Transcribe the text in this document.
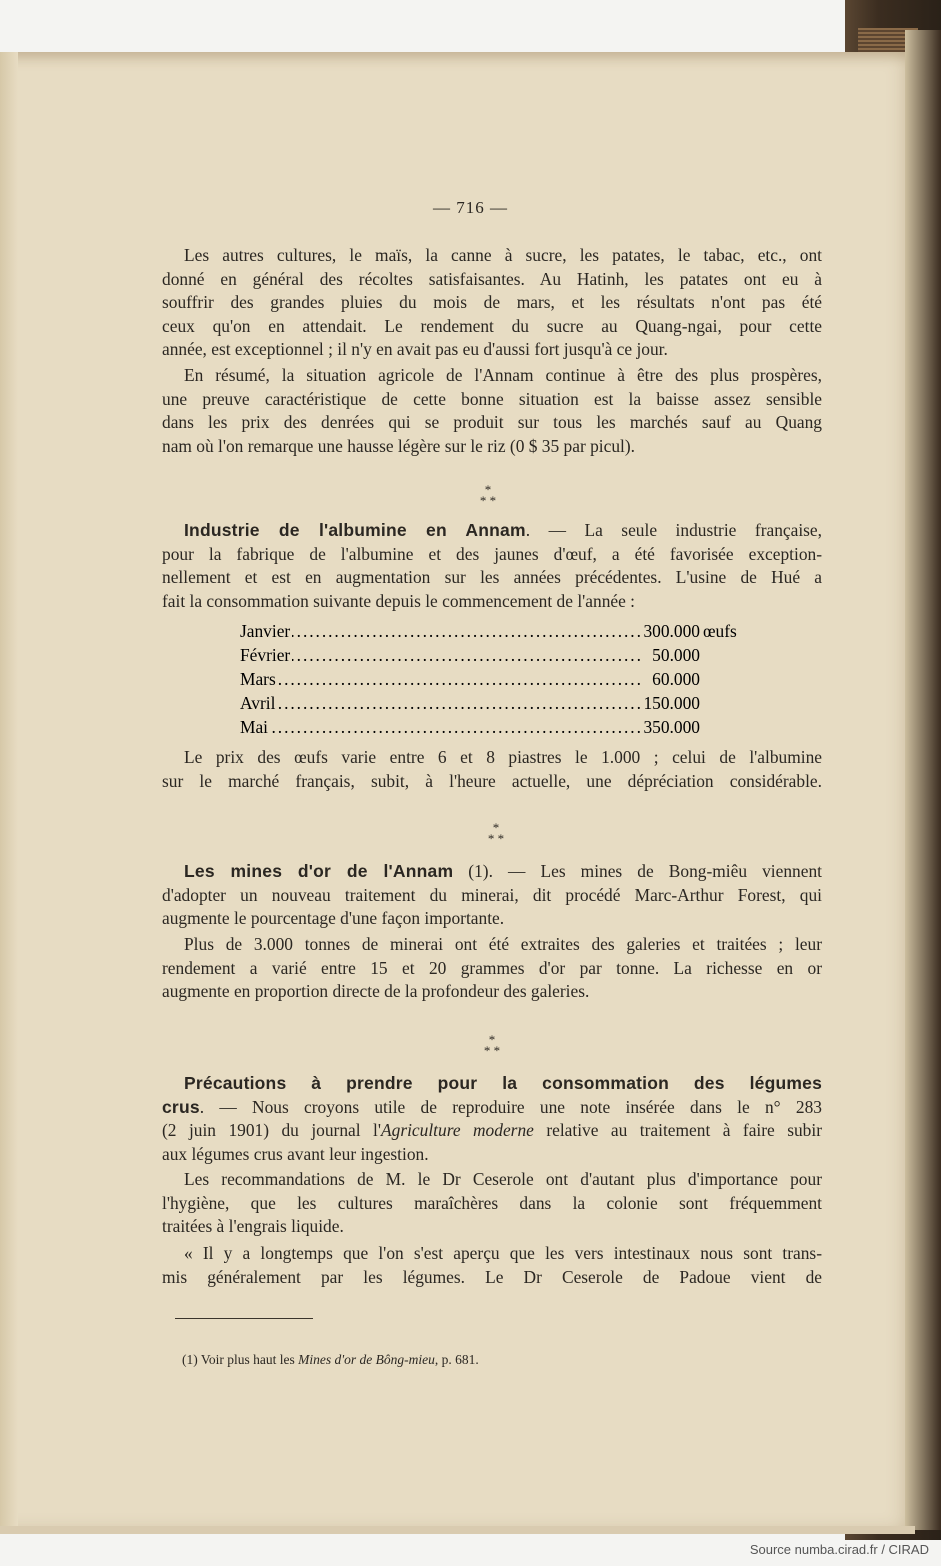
— 716 —
Les autres cultures, le maïs, la canne à sucre, les patates, le tabac, etc., ont
donné en général des récoltes satisfaisantes. Au Hatinh, les patates ont eu à
souffrir des grandes pluies du mois de mars, et les résultats n'ont pas été
ceux qu'on en attendait. Le rendement du sucre au Quang-ngai, pour cette
année, est exceptionnel ; il n'y en avait pas eu d'aussi fort jusqu'à ce jour.
En résumé, la situation agricole de l'Annam continue à être des plus prospères,
une preuve caractéristique de cette bonne situation est la baisse assez sensible
dans les prix des denrées qui se produit sur tous les marchés sauf au Quang
nam où l'on remarque une hausse légère sur le riz (0 $ 35 par picul).
*
* *
Industrie de l'albumine en Annam. — La seule industrie française,
pour la fabrique de l'albumine et des jaunes d'œuf, a été favorisée exception-
nellement et est en augmentation sur les années précédentes. L'usine de Hué a
fait la consommation suivante depuis le commencement de l'année :
. . .
Janvier	300.000 œufs
. . .
Février	50.000
. . .
Mars	60.000
. . .
Avril	150.000
. . .
Mai	350.000
Le prix des œufs varie entre 6 et 8 piastres le 1.000 ; celui de l'albumine
sur le marché français, subit, à l'heure actuelle, une dépréciation considérable.
*
* *
Les mines d'or de l'Annam (1). — Les mines de Bong-miêu viennent
d'adopter un nouveau traitement du minerai, dit procédé Marc-Arthur Forest, qui
augmente le pourcentage d'une façon importante.
Plus de 3.000 tonnes de minerai ont été extraites des galeries et traitées ; leur
rendement a varié entre 15 et 20 grammes d'or par tonne. La richesse en or
augmente en proportion directe de la profondeur des galeries.
*
* *
Précautions à prendre pour la consommation des légumes
crus. — Nous croyons utile de reproduire une note insérée dans le n° 283
(2 juin 1901) du journal l'Agriculture moderne relative au traitement à faire subir
aux légumes crus avant leur ingestion.
Les recommandations de M. le Dr Ceserole ont d'autant plus d'importance pour
l'hygiène, que les cultures maraîchères dans la colonie sont fréquemment
traitées à l'engrais liquide.
« Il y a longtemps que l'on s'est aperçu que les vers intestinaux nous sont trans-
mis généralement par les légumes. Le Dr Ceserole de Padoue vient de
(1) Voir plus haut les Mines d'or de Bông-mieu, p. 681.
Source numba.cirad.fr / CIRAD
